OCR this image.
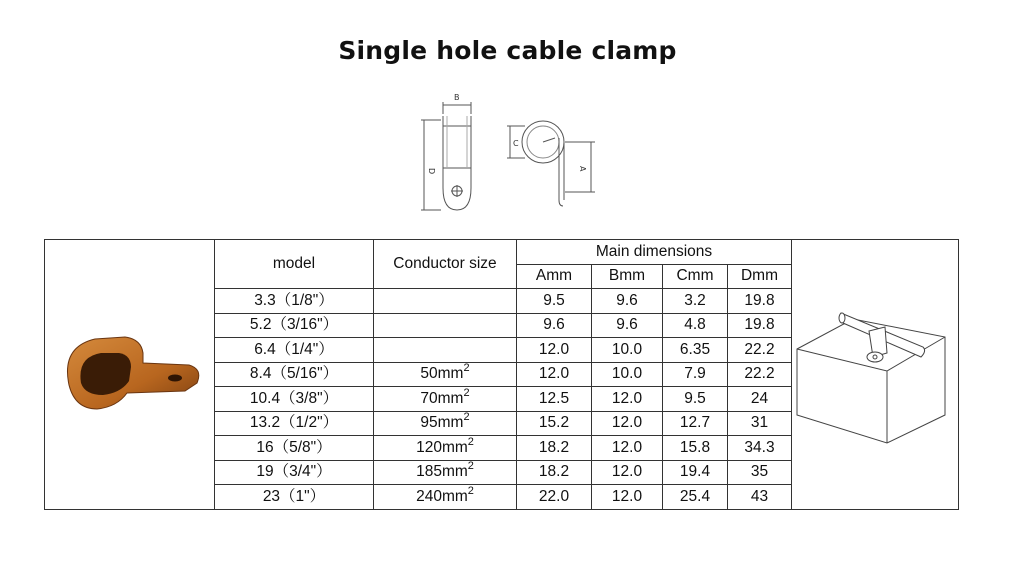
Single hole cable clamp
B
D
C
A
	model	Conductor size	Main dimensions	
			Amm	Bmm	Cmm	Dmm	
	3.3（1/8"）		9.5	9.6	3.2	19.8	
	5.2（3/16"）		9.6	9.6	4.8	19.8	
	6.4（1/4"）		12.0	10.0	6.35	22.2	
	8.4（5/16"）	$50mm^2$	12.0	10.0	7.9	22.2	
	10.4（3/8"）	$70mm^2$	12.5	12.0	9.5	24	
	13.2（1/2"）	$95mm^2$	15.2	12.0	12.7	31	
	16（5/8"）	$120mm^2$	18.2	12.0	15.8	34.3	
	19（3/4"）	$185mm^2$	18.2	12.0	19.4	35	
	23（1"）	$240mm^2$	22.0	12.0	25.4	43	
